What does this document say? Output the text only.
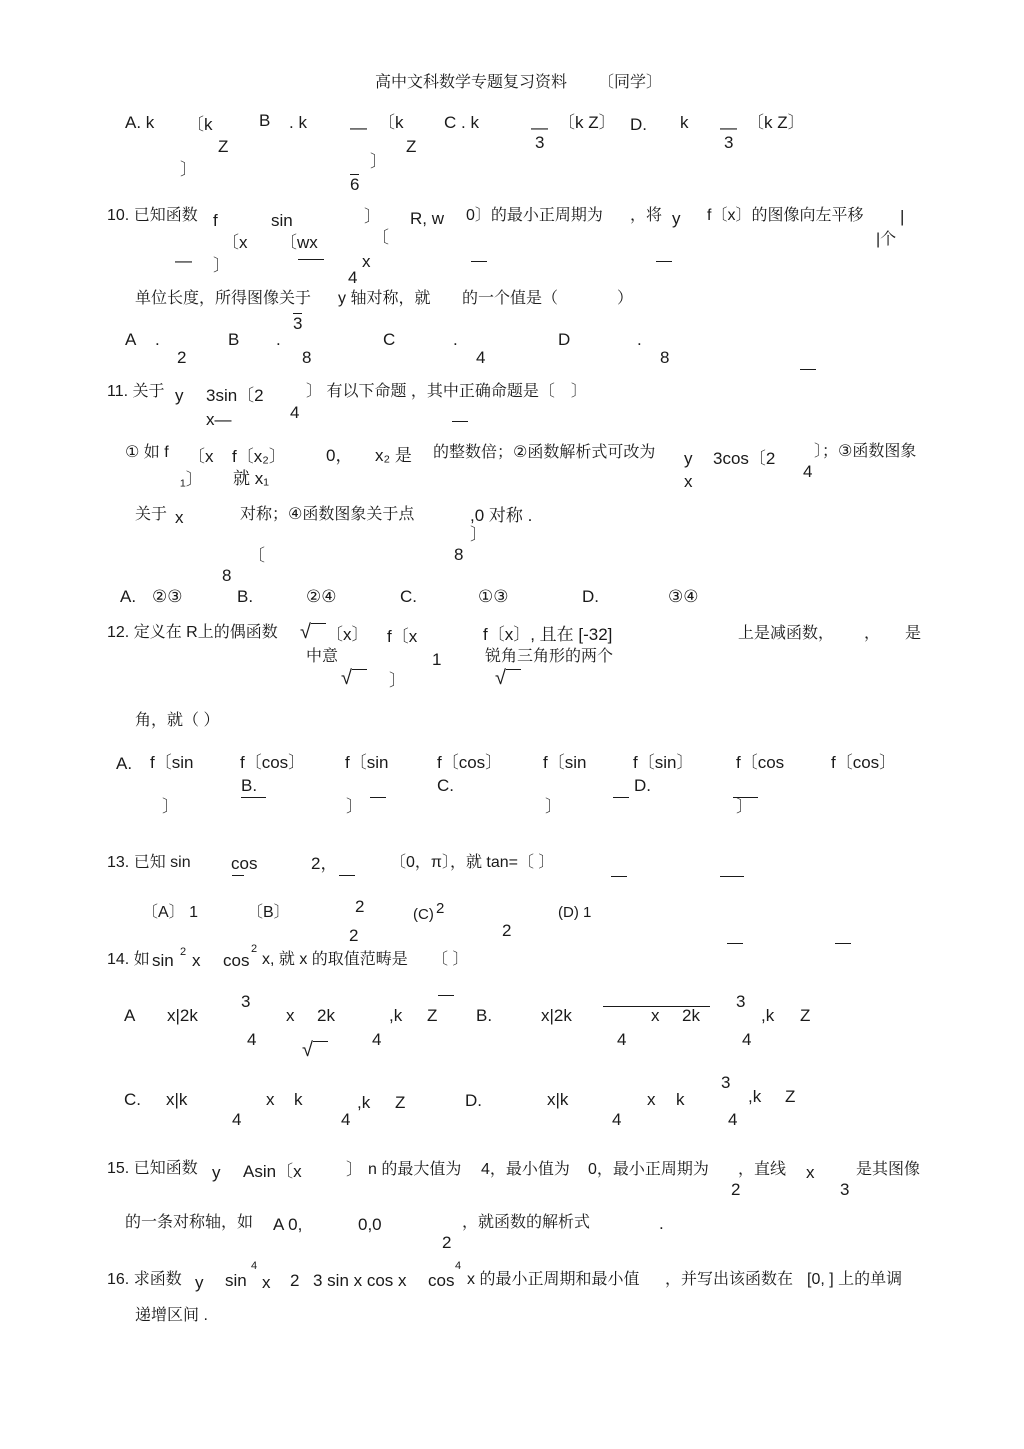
高中文科数学专题复习资料 〔同学〕
A. k 〔k	B . k	— 〔k C . k	— 〔k Z〕 D. k — 〔k Z〕
Z	Z	3	3
〕
〕
6
10. 已知函数 f	sin	〕 R, w 0〕的最小正周期为 ，将 y f〔x〕的图像向左平移 |
〔x 〔wx	〔	|个
— 〕	x
4
单位长度，所得图像关于 y 轴对称，就 的一个值是（	）
3
A .	B .	C	.	D	.
2	8	4	8
11. 关于 y 3sin〔2	〕 有以下命题 ，其中正确命题是〔　〕
4
x—
① 如 f 〔x f〔x₂〕 0， x₂ 是 的整数倍；②函数解析式可改为 y 3cos〔2 〕；③函数图象
4
₁〕 就 x₁	x
关于 x	对称；④函数图象关于点	,0 对称 .
〕
〔	8
8
A. ②③	B.	②④	C.	①③	D.	③④
12. 定义在 R上的偶函数 √ 〔x〕 f〔x	f〔x〕, 且在 [-32]	上是减函数， ， 是
中意	1	锐角三角形的两个
√ 〕	√
角，就（ ）
A. f〔sin	f〔cos〕 f〔sin	f〔cos〕 f〔sin	f〔sin〕	f〔cos	f〔cos〕
B.	C.	D.
〕	〕	〕	〕
13. 已知 sin cos	2，	〔0，π〕，就 tan=〔 〕
〔A〕 1	〔B〕	2	(C) 2	(D) 1
2	2
14. 如 sin 2 x cos
2
x, 就 x 的取值范畴是 〔 〕
3	3
A x|2k	x 2k	,k Z B.	x|2k	x 2k	,k Z
4	4	4	4
√
3
C. x|k	x k	,k Z	D.	x|k	x k	,k Z
4	4	4	4
15. 已知函数 y Asin〔x	〕 n 的最大值为 4，最小值为 0，最小正周期为 ，直线 x	是其图像
2	3
的一条对称轴，如 A 0,	0,0	，就函数的解析式	.
2
16. 求函数 y sin
4
x 2 3 sin x cos x cos
4
x 的最小正周期和最小值 ，并写出该函数在 [0, ] 上的单调
递增区间 .
